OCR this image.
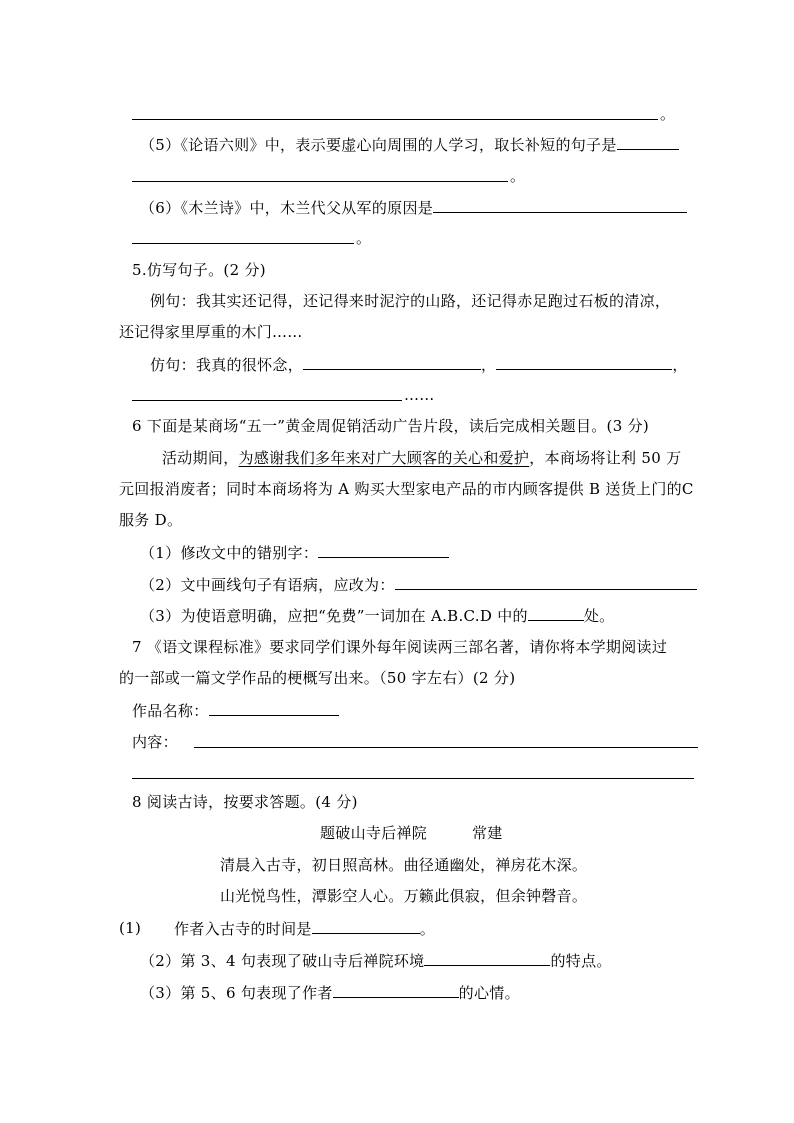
。
（5）《论语六则》中，表示要虚心向周围的人学习，取长补短的句子是
。
（6）《木兰诗》中，木兰代父从军的原因是
。
5.仿写句子。(2 分)
例句：我其实还记得，还记得来时泥泞的山路，还记得赤足跑过石板的清凉，
还记得家里厚重的木门……
仿句：我真的很怀念，	，	，
……
6 下面是某商场“五一”黄金周促销活动广告片段，读后完成相关题目。(3 分)
活动期间，为感谢我们多年来对广大顾客的关心和爱护，本商场将让利 50 万
元回报消废者；同时本商场将为 A 购买大型家电产品的市内顾客提供 B 送货上门的C
服务 D。
（1）修改文中的错别字：
（2）文中画线句子有语病，应改为：
（3）为使语意明确，应把“免费”一词加在 A.B.C.D 中的	处。
7 《语文课程标准》要求同学们课外每年阅读两三部名著，请你将本学期阅读过
的一部或一篇文学作品的梗概写出来。（50 字左右）(2 分)
作品名称：
内容：
8 阅读古诗，按要求答题。(4 分)
题破山寺后禅院	常建
清晨入古寺，初日照高林。曲径通幽处，禅房花木深。
山光悦鸟性，潭影空人心。万籁此俱寂，但余钟磬音。
(1) 作者入古寺的时间是	。
（2）第 3、4 句表现了破山寺后禅院环境	的特点。
（3）第 5、6 句表现了作者	的心情。
